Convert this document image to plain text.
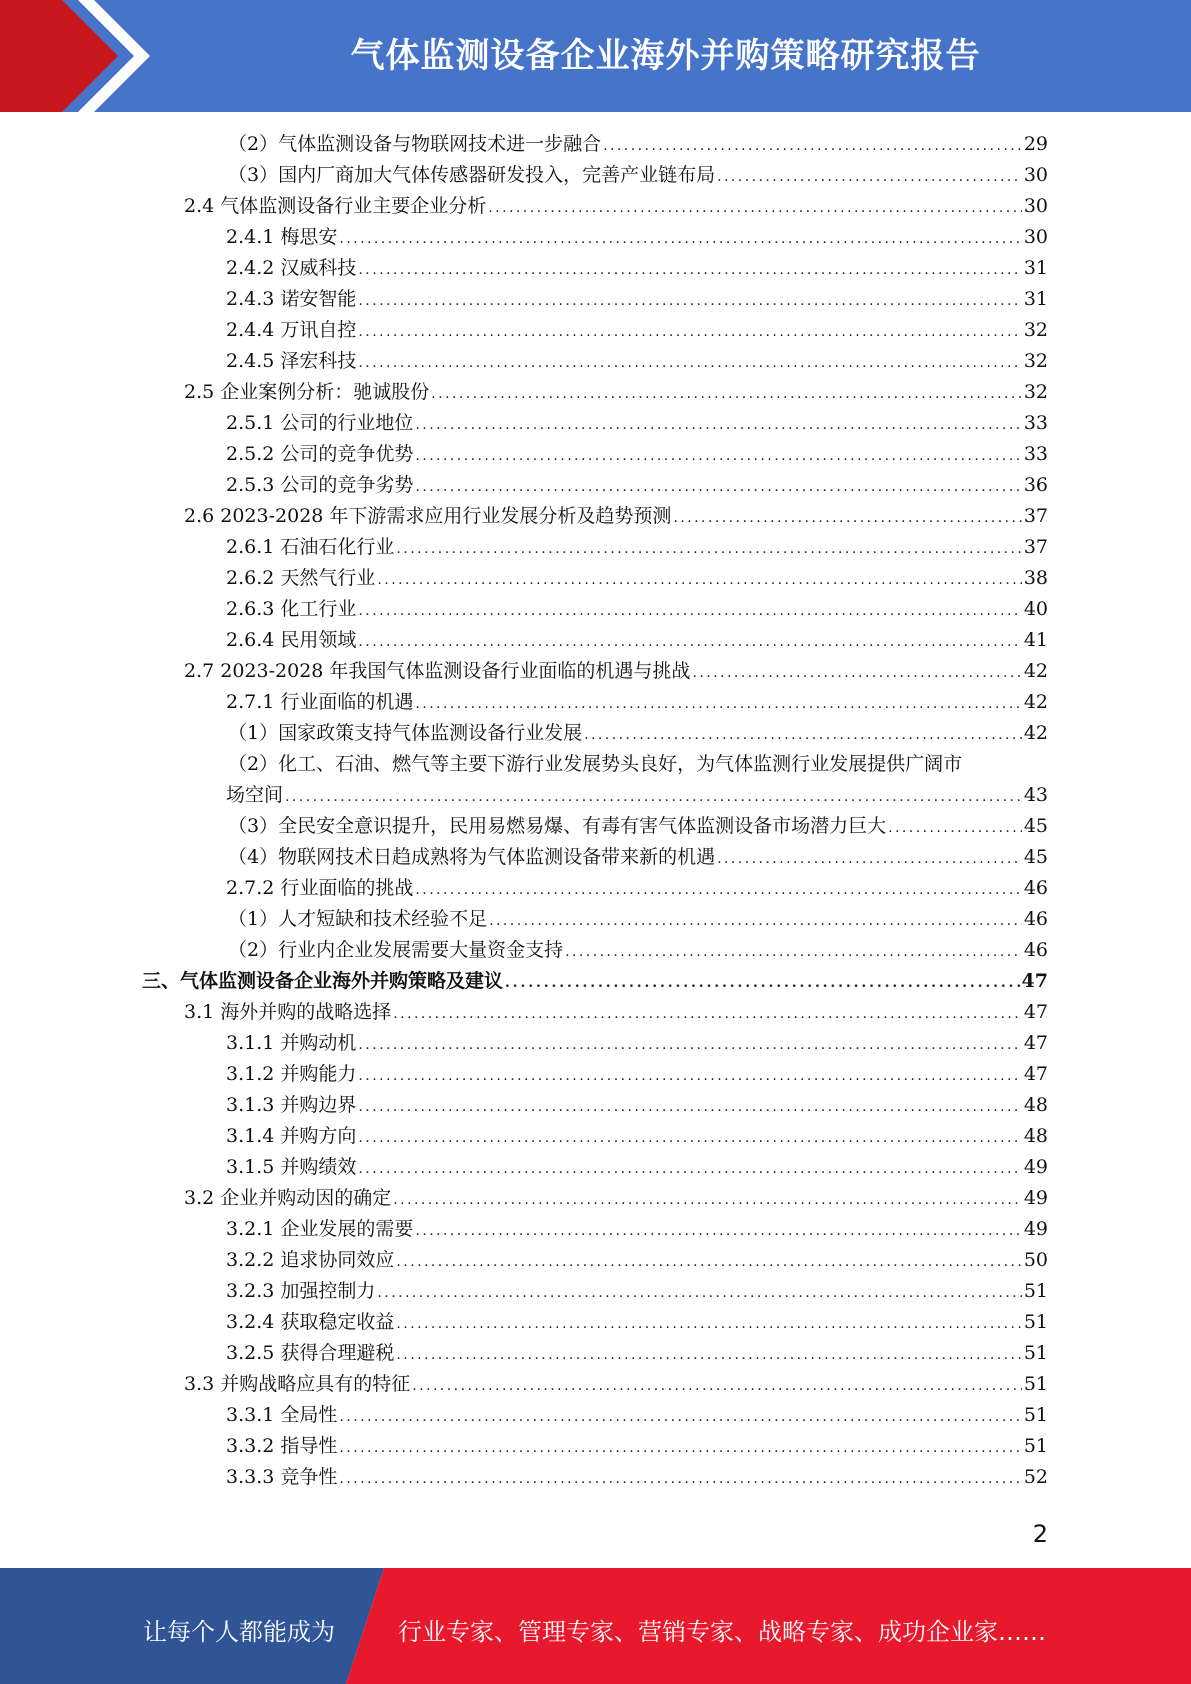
气体监测设备企业海外并购策略研究报告
（2）气体监测设备与物联网技术进一步融合 . . .	29
（3）国内厂商加大气体传感器研发投入，完善产业链布局 . . .	30
2.4 气体监测设备行业主要企业分析 . . .	30
2.4.1 梅思安 . . .	30
2.4.2 汉威科技 . . .	31
2.4.3 诺安智能 . . .	31
2.4.4 万讯自控 . . .	32
2.4.5 泽宏科技 . . .	32
2.5 企业案例分析：驰诚股份 . . .	32
2.5.1 公司的行业地位 . . .	33
2.5.2 公司的竞争优势 . . .	33
2.5.3 公司的竞争劣势 . . .	36
2.6 2023-2028 年下游需求应用行业发展分析及趋势预测 . . .	37
2.6.1 石油石化行业 . . .	37
2.6.2 天然气行业 . . .	38
2.6.3 化工行业 . . .	40
2.6.4 民用领域 . . .	41
2.7 2023-2028 年我国气体监测设备行业面临的机遇与挑战 . . .	42
2.7.1 行业面临的机遇 . . .	42
（1）国家政策支持气体监测设备行业发展 . . .	42
（2）化工、石油、燃气等主要下游行业发展势头良好，为气体监测行业发展提供广阔市
场空间 . . .	43
（3）全民安全意识提升，民用易燃易爆、有毒有害气体监测设备市场潜力巨大 . . .	45
（4）物联网技术日趋成熟将为气体监测设备带来新的机遇 . . .	45
2.7.2 行业面临的挑战 . . .	46
（1）人才短缺和技术经验不足 . . .	46
（2）行业内企业发展需要大量资金支持 . . .	46
三、气体监测设备企业海外并购策略及建议 . . .	47
3.1 海外并购的战略选择 . . .	47
3.1.1 并购动机 . . .	47
3.1.2 并购能力 . . .	47
3.1.3 并购边界 . . .	48
3.1.4 并购方向 . . .	48
3.1.5 并购绩效 . . .	49
3.2 企业并购动因的确定 . . .	49
3.2.1 企业发展的需要 . . .	49
3.2.2 追求协同效应 . . .	50
3.2.3 加强控制力 . . .	51
3.2.4 获取稳定收益 . . .	51
3.2.5 获得合理避税 . . .	51
3.3 并购战略应具有的特征 . . .	51
3.3.1 全局性 . . .	51
3.3.2 指导性 . . .	51
3.3.3 竞争性 . . .	52
2
让每个人都能成为	行业专家、管理专家、营销专家、战略专家、成功企业家……
